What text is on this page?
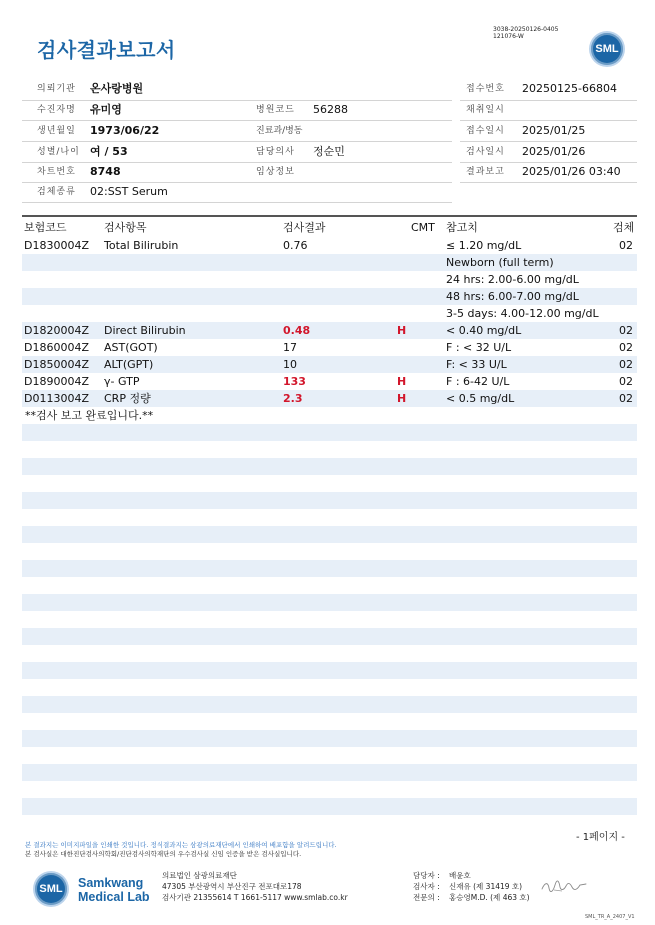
검사결과보고서
3038-20250126-0405
121076-W
SML
의뢰기관 온사랑병원
수진자명 유미영
생년월일 1973/06/22
성별/나이 여 / 53
차트번호 8748
검체종류 02:SST Serum
병원코드 56288
진료과/병동
담당의사 정순민
임상정보
접수번호 20250125-66804
채취일시
접수일시 2025/01/25
검사일시 2025/01/26
결과보고 2025/01/26 03:40
보험코드	검사항목	검사결과	CMT 참고치	검체
D1830004Z Total Bilirubin	0.76	≤ 1.20 mg/dL	02
Newborn (full term)
24 hrs: 2.00-6.00 mg/dL
48 hrs: 6.00-7.00 mg/dL
3-5 days: 4.00-12.00 mg/dL
D1820004Z Direct Bilirubin	0.48	H	< 0.40 mg/dL	02
D1860004Z AST(GOT)	17	F : < 32 U/L	02
D1850004Z ALT(GPT)	10	F: < 33 U/L	02
D1890004Z γ- GTP	133	H	F : 6-42 U/L	02
D0113004Z CRP 정량	2.3	H	< 0.5 mg/dL	02
**검사 보고 완료입니다.**
- 1페이지 -
본 결과지는 이미지파일을 인쇄한 것입니다. 정식결과지는 삼광의료재단에서 인쇄하여 배포함을 알려드립니다.
본 검사실은 대한진단검사의학회/진단검사의학재단의 우수검사실 신임 인증을 받은 검사실입니다.
SML	Samkwang
Medical Lab
의료법인 삼광의료재단
47305 부산광역시 부산진구 전포대로178
검사기관 21355614 T 1661-5117 www.smlab.co.kr
담당자 : 배윤호
검사자 : 신재유 (제 31419 호)
전문의 : 홍승영M.D. (제 463 호)
SML_TR_A_2407_V1
